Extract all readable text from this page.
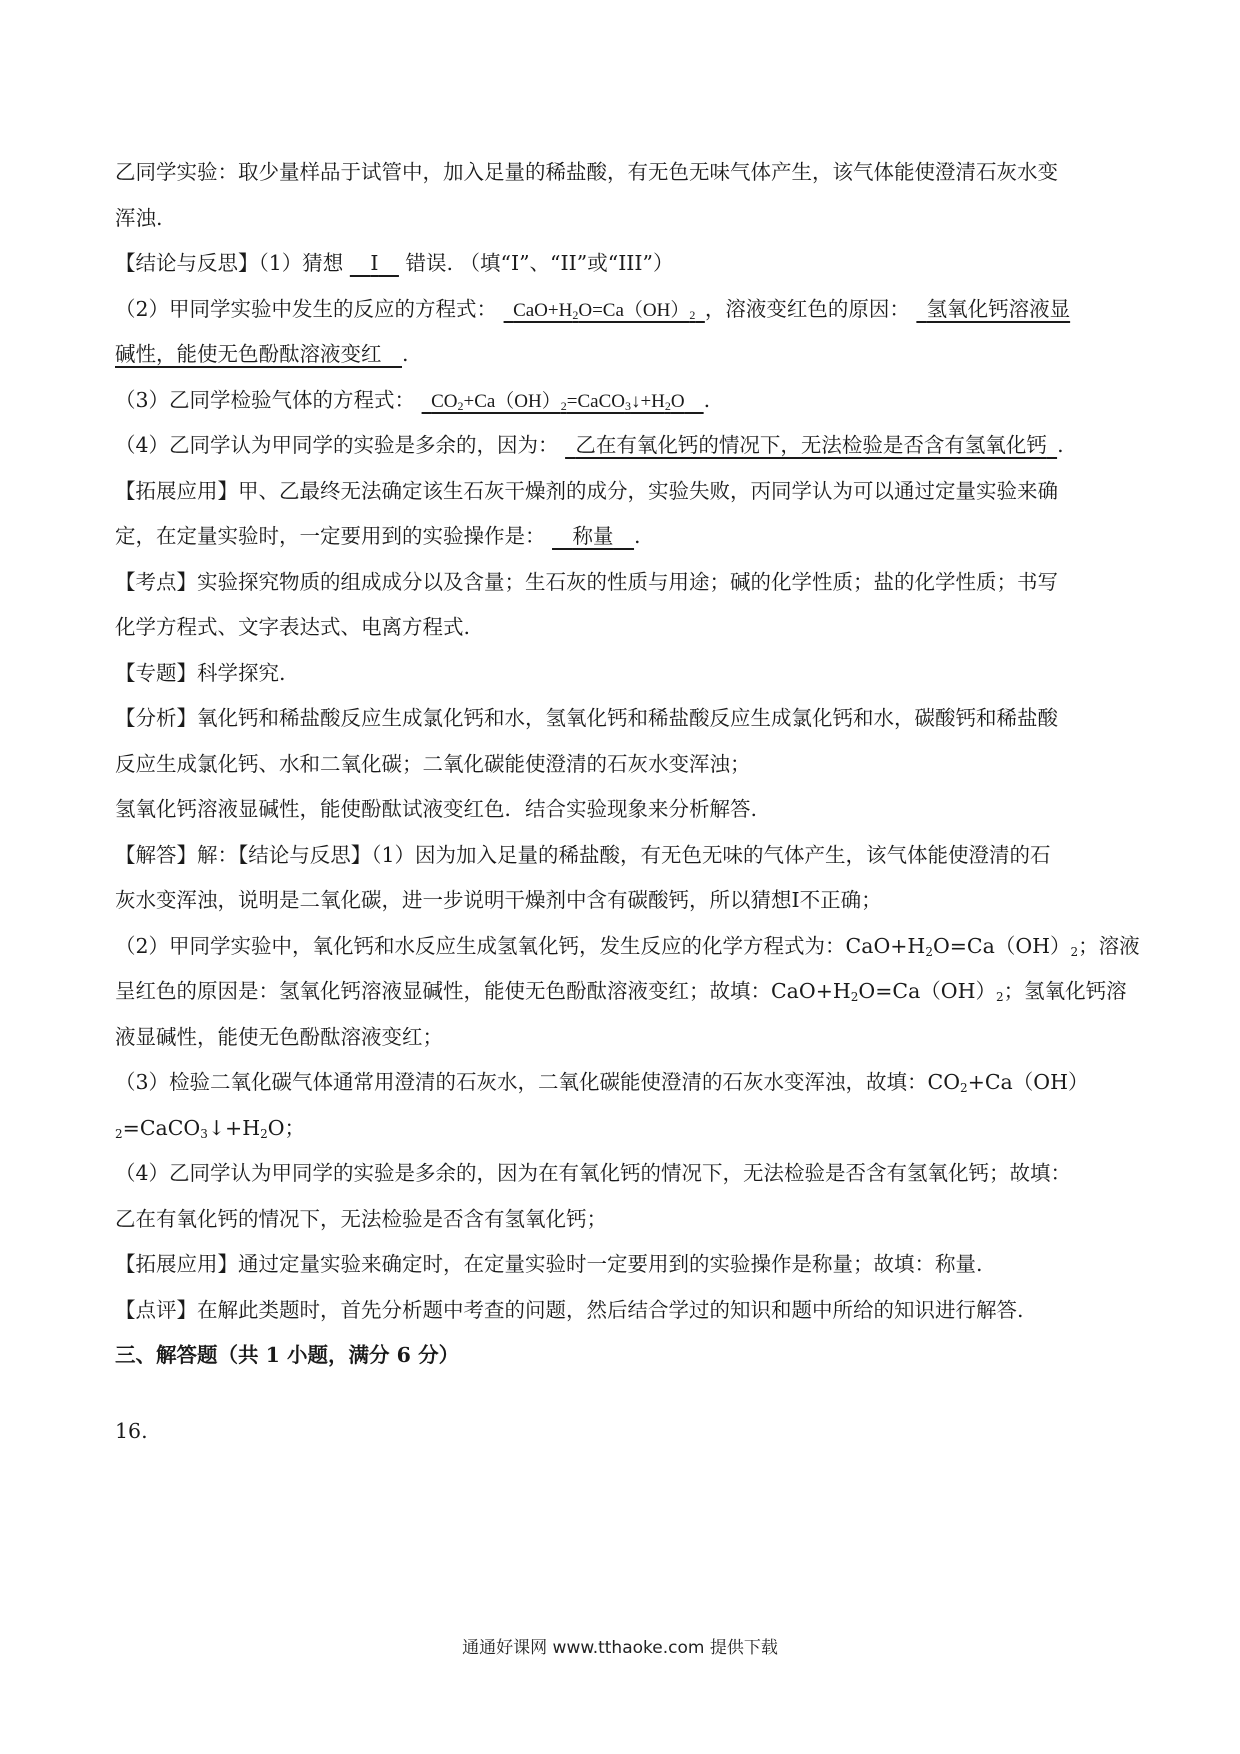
乙同学实验：取少量样品于试管中，加入足量的稀盐酸，有无色无味气体产生，该气体能使澄清石灰水变
浑浊.
【结论与反思】（1）猜想   I  错误. （填“I”、“II”或“III”）
（2）甲同学实验中发生的反应的方程式：   $CaO+H_2O=Ca(OH)_2$  ，溶液变红色的原因：   氢氧化钙溶液显
碱性，能使无色酚酞溶液变红  .
（3）乙同学检验气体的方程式：   $CO_2+Ca(OH)_2=CaCO_3↓+H_2O$  .
（4）乙同学认为甲同学的实验是多余的，因为：   乙在有氧化钙的情况下，无法检验是否含有氢氧化钙  .
【拓展应用】甲、乙最终无法确定该生石灰干燥剂的成分，实验失败，丙同学认为可以通过定量实验来确
定，在定量实验时，一定要用到的实验操作是：   称量  .
【考点】实验探究物质的组成成分以及含量；生石灰的性质与用途；碱的化学性质；盐的化学性质；书写
化学方程式、文字表达式、电离方程式.
【专题】科学探究.
【分析】氧化钙和稀盐酸反应生成氯化钙和水，氢氧化钙和稀盐酸反应生成氯化钙和水，碳酸钙和稀盐酸
反应生成氯化钙、水和二氧化碳；二氧化碳能使澄清的石灰水变浑浊；
氢氧化钙溶液显碱性，能使酚酞试液变红色．结合实验现象来分析解答.
【解答】解：【结论与反思】（1）因为加入足量的稀盐酸，有无色无味的气体产生，该气体能使澄清的石
灰水变浑浊，说明是二氧化碳，进一步说明干燥剂中含有碳酸钙，所以猜想Ⅰ不正确；
（2）甲同学实验中，氧化钙和水反应生成氢氧化钙，发生反应的化学方程式为：$CaO+H_2O=Ca(OH)_2$；溶液
呈红色的原因是：氢氧化钙溶液显碱性，能使无色酚酞溶液变红；故填：$CaO+H_2O=Ca(OH)_2$；氢氧化钙溶
液显碱性，能使无色酚酞溶液变红；
（3）检验二氧化碳气体通常用澄清的石灰水，二氧化碳能使澄清的石灰水变浑浊，故填：$CO_2+Ca(OH)$
$_2=CaCO_3↓+H_2O$；
（4）乙同学认为甲同学的实验是多余的，因为在有氧化钙的情况下，无法检验是否含有氢氧化钙；故填：
乙在有氧化钙的情况下，无法检验是否含有氢氧化钙；
【拓展应用】通过定量实验来确定时，在定量实验时一定要用到的实验操作是称量；故填：称量.
【点评】在解此类题时，首先分析题中考查的问题，然后结合学过的知识和题中所给的知识进行解答.
三、解答题（共 1 小题，满分 6 分）
16.
通通好课网 www.tthaoke.com 提供下载
